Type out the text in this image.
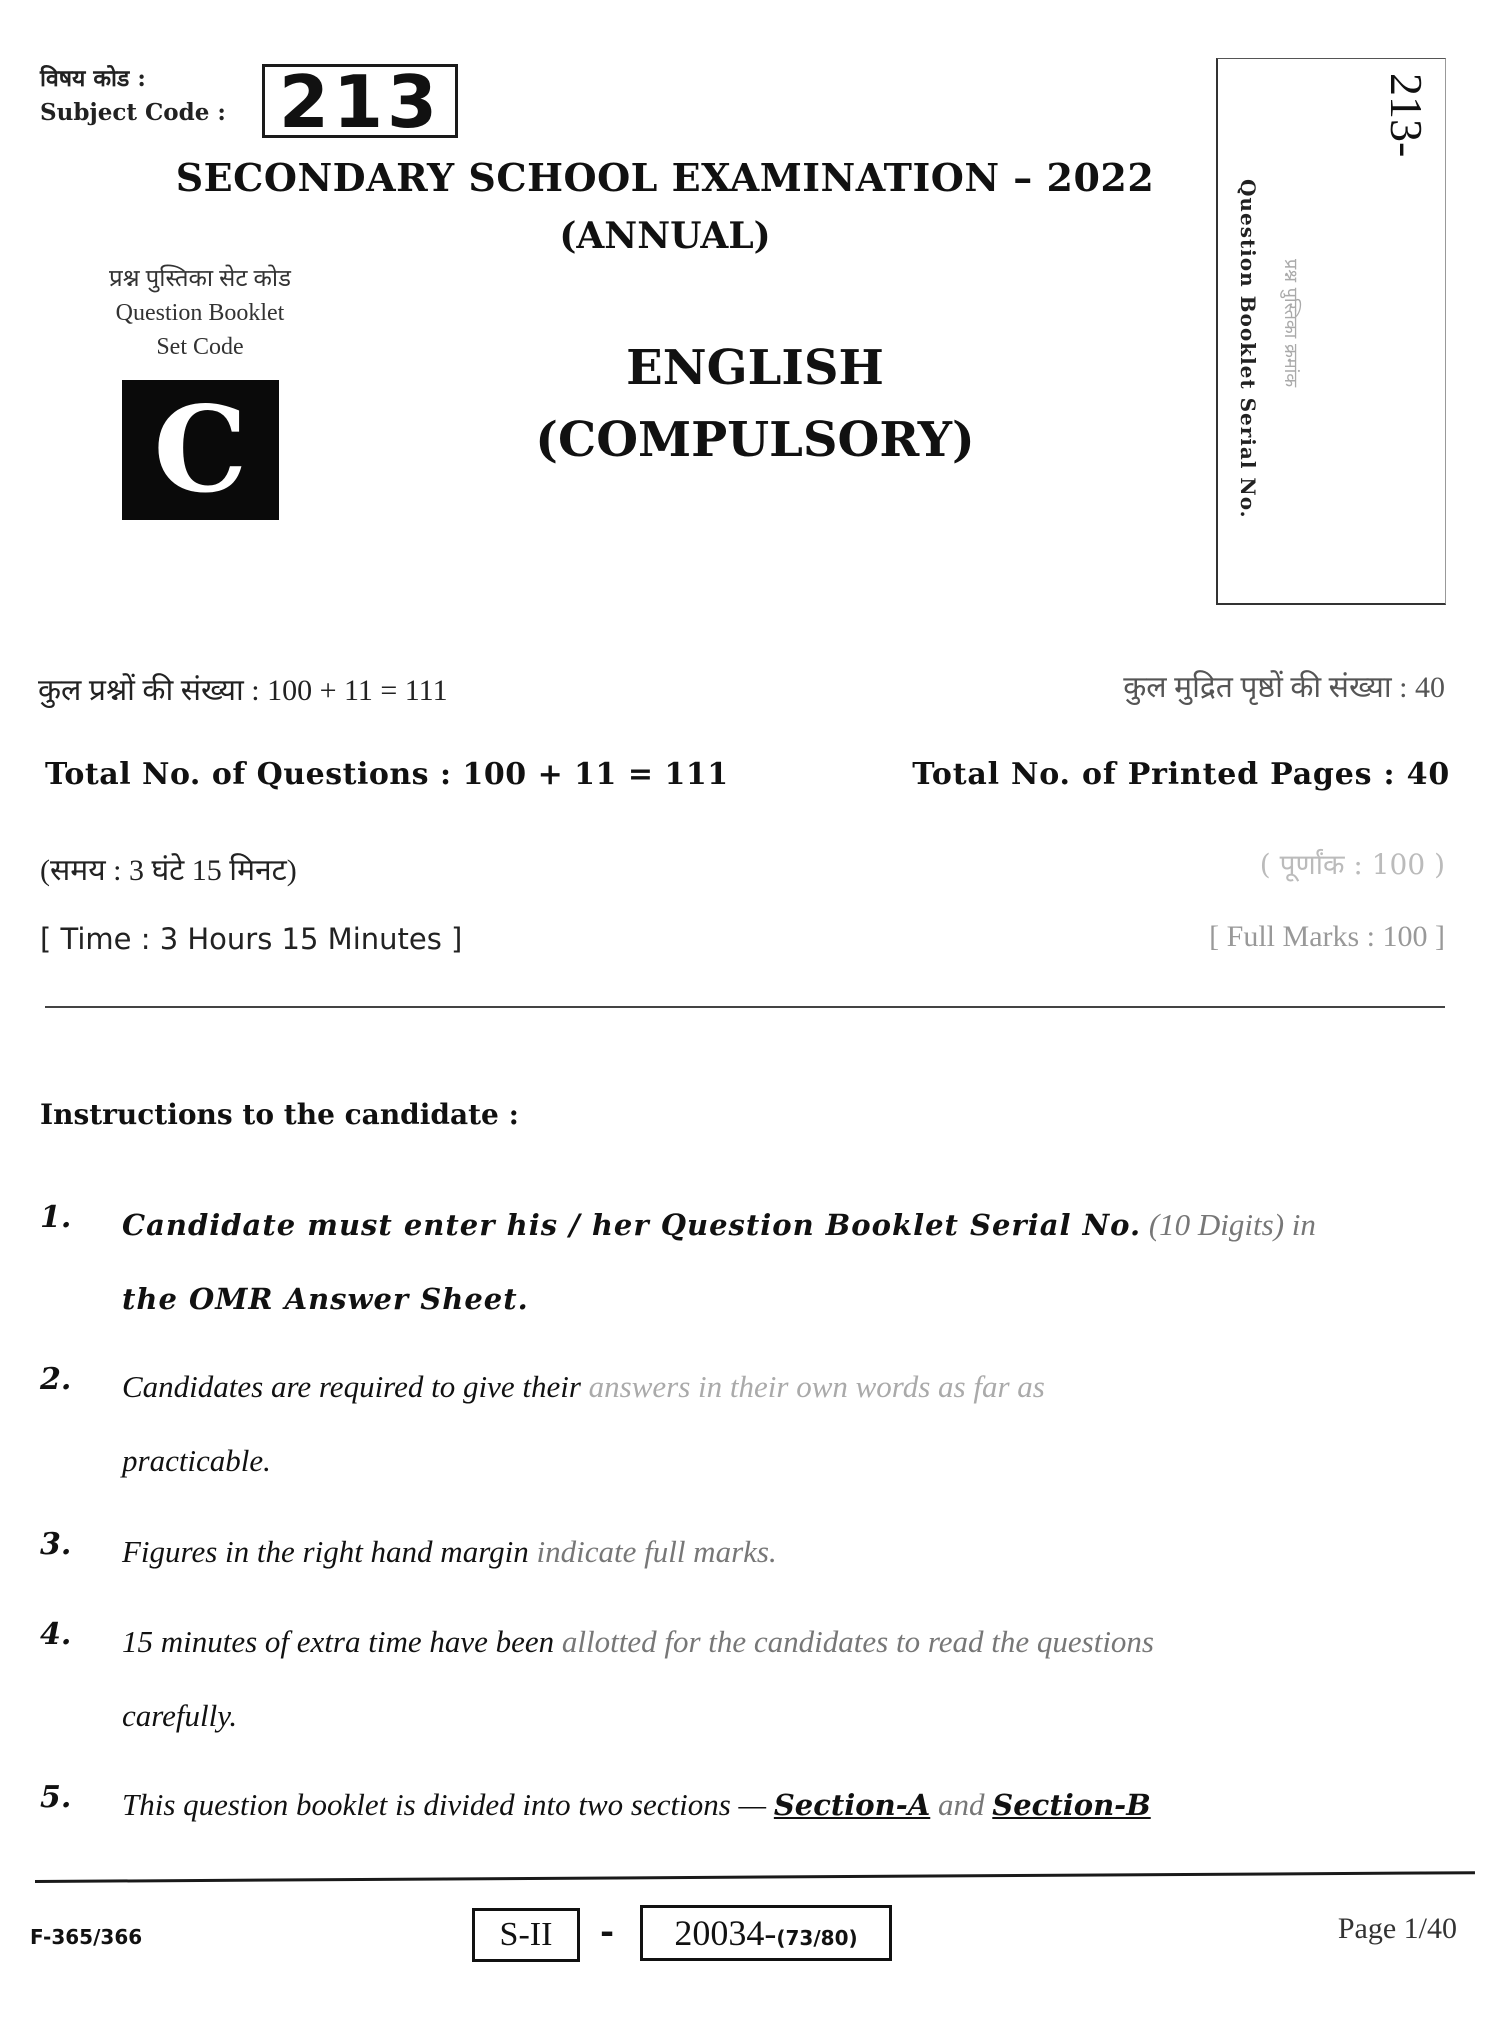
विषय कोड :
Subject Code : 213
SECONDARY SCHOOL EXAMINATION – 2022
(ANNUAL)
ENGLISH
(COMPULSORY)
प्रश्न पुस्तिका सेट कोड
Question Booklet
Set Code
C
213-
Question Booklet Serial No. प्रश्न पुस्तिका क्रमांक
कुल प्रश्नों की संख्या : 100 + 11 = 111
Total No. of Questions : 100 + 11 = 111
(समय : 3 घंटे 15 मिनट)
[ Time : 3 Hours 15 Minutes ]
कुल मुद्रित पृष्ठों की संख्या : 40
Total No. of Printed Pages : 40
( पूर्णांक : 100 )
[ Full Marks : 100 ]
Instructions to the candidate :
1. Candidate must enter his / her Question Booklet Serial No. (10 Digits) in
the OMR Answer Sheet.
2. Candidates are required to give their answers in their own words as far as
practicable.
3. Figures in the right hand margin indicate full marks.
4. 15 minutes of extra time have been allotted for the candidates to read the questions
carefully.
5. This question booklet is divided into two sections — Section-A and Section-B
F-365/366	S-II	-	20034-(73/80)	Page 1/40
